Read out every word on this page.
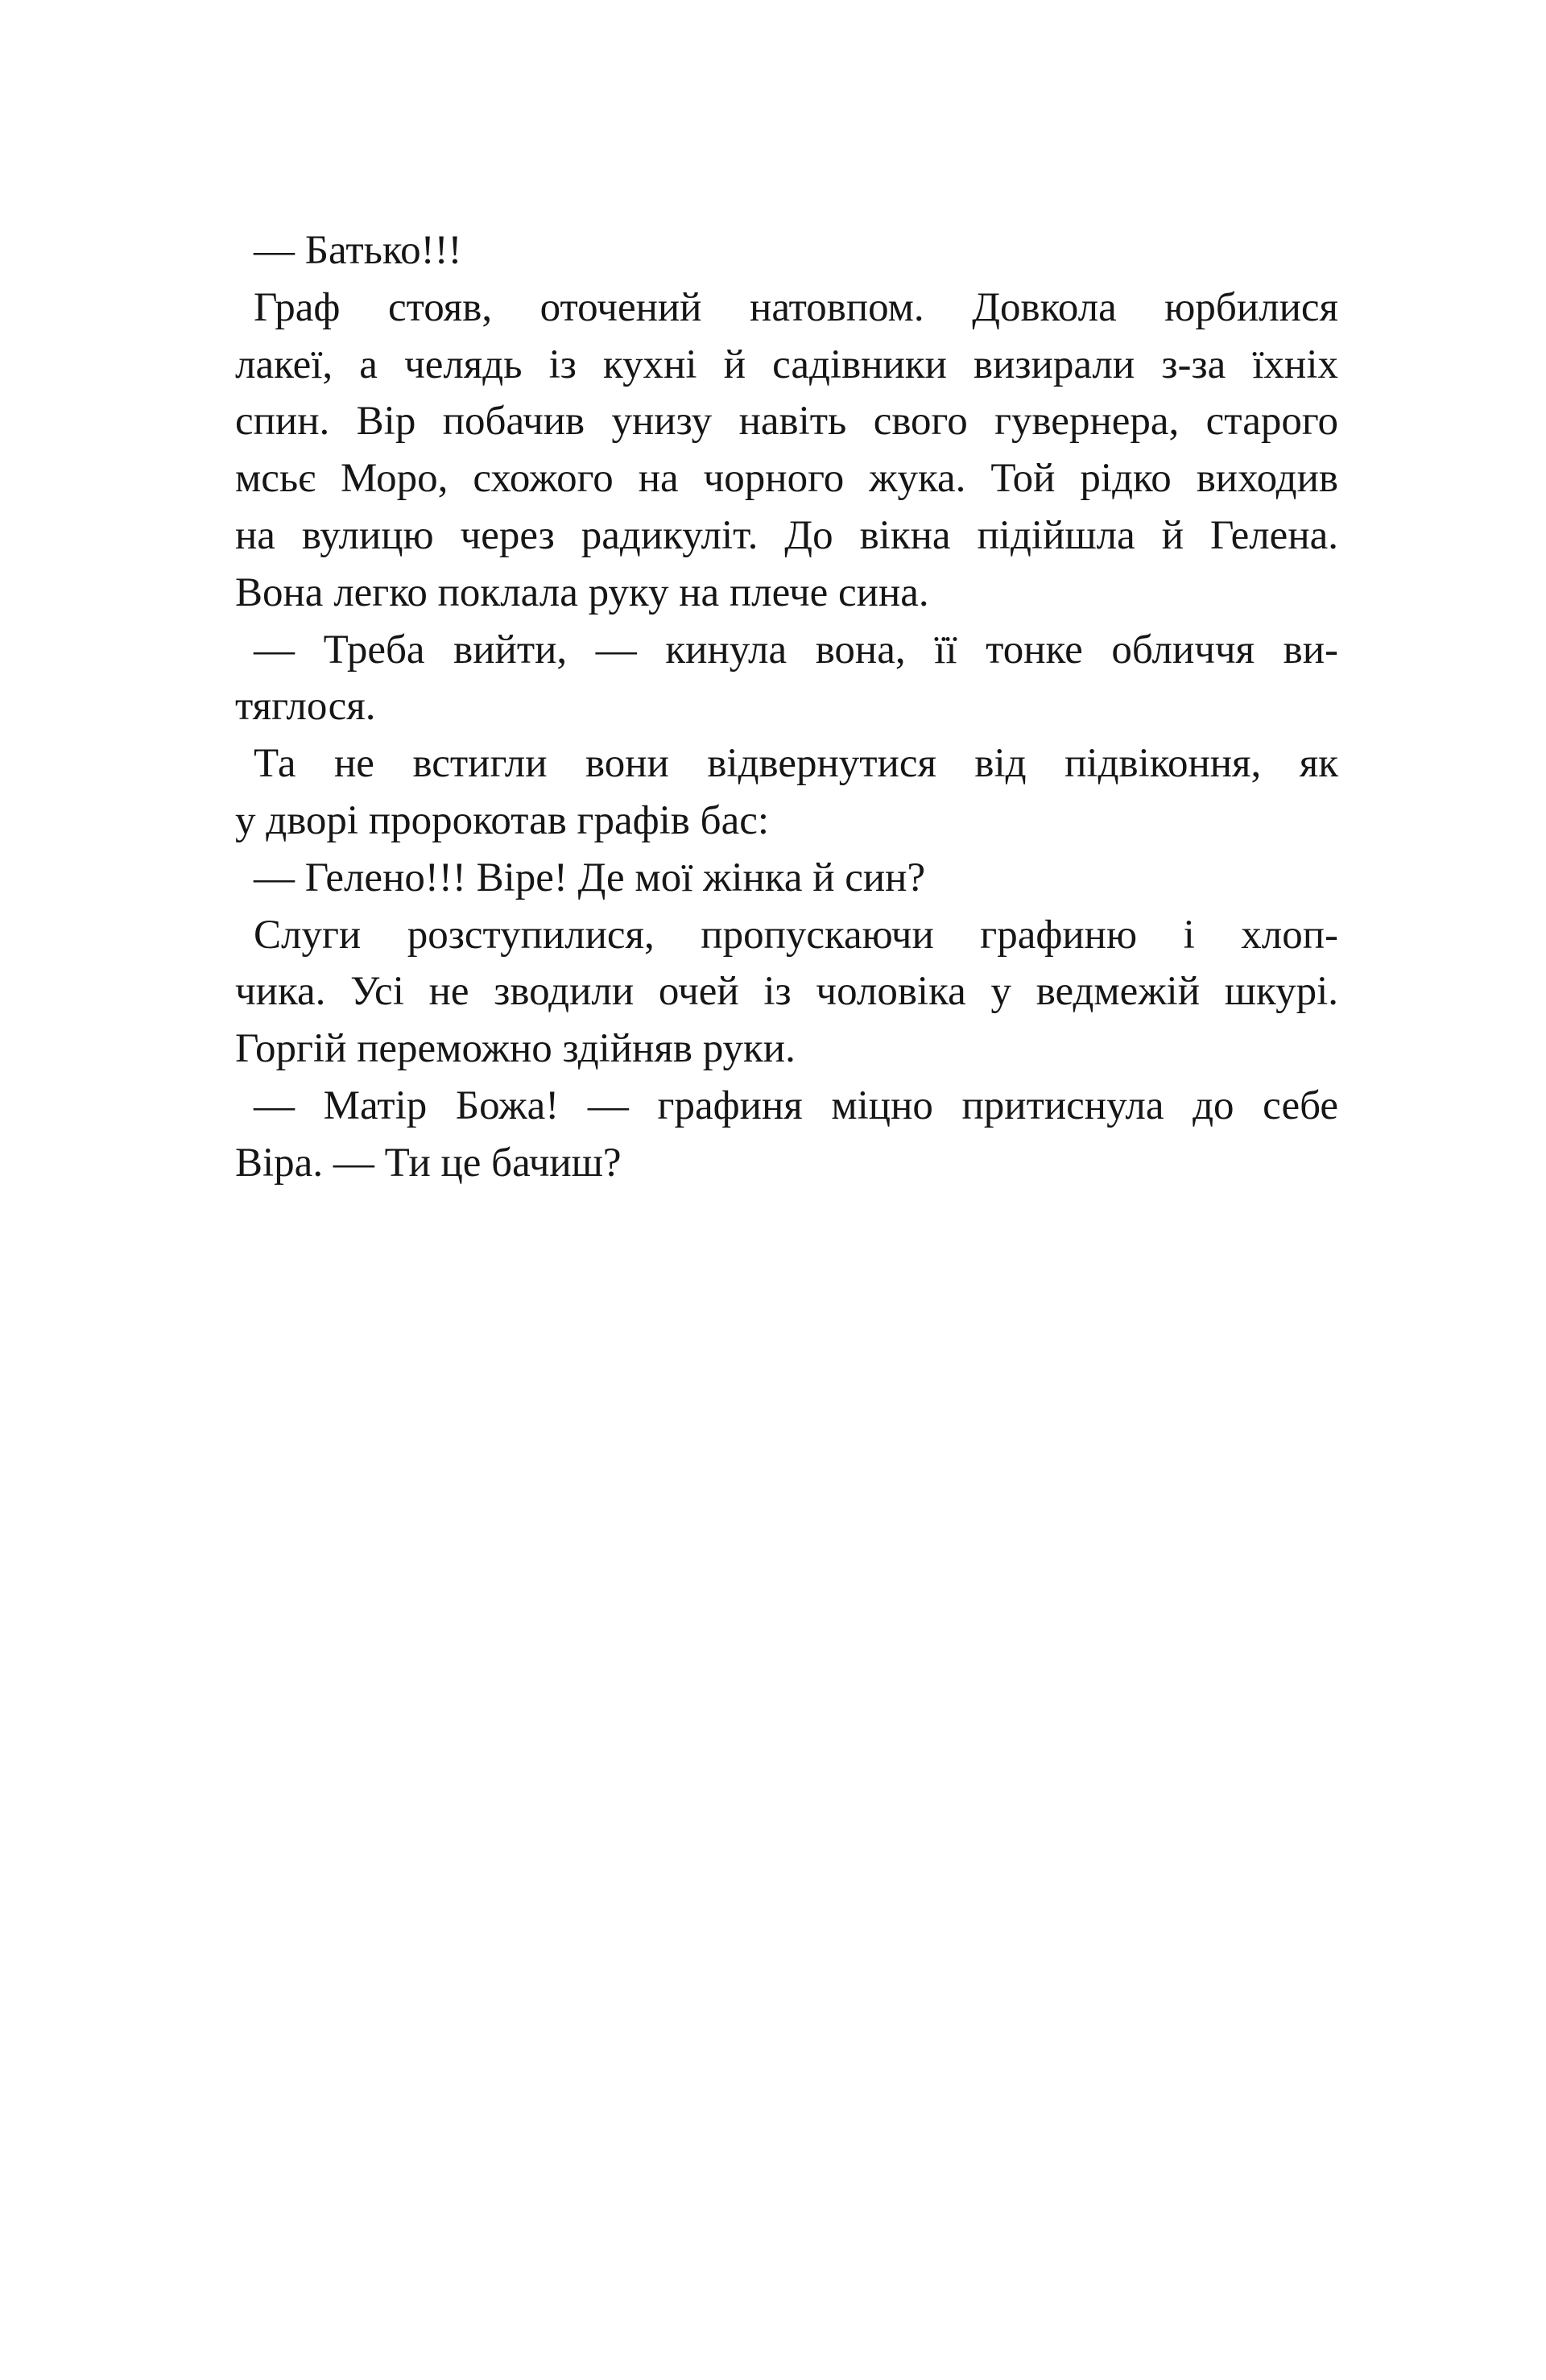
— Батько!!!
Граф стояв, оточений натовпом. Довкола юрбилися
лакеї, а челядь із кухні й садівники визирали з-за їхніх
спин. Вір побачив унизу навіть свого гувернера, старого
мсьє Моро, схожого на чорного жука. Той рідко виходив
на вулицю через радикуліт. До вікна підійшла й Гелена.
Вона легко поклала руку на плече сина.
— Треба вийти, — кинула вона, її тонке обличчя ви-
тяглося.
Та не встигли вони відвернутися від підвіконня, як
у дворі пророкотав графів бас:
— Гелено!!! Віре! Де мої жінка й син?
Слуги розступилися, пропускаючи графиню і хлоп-
чика. Усі не зводили очей із чоловіка у ведмежій шкурі.
Горгій переможно здійняв руки.
— Матір Божа! — графиня міцно притиснула до себе
Віра. — Ти це бачиш?
